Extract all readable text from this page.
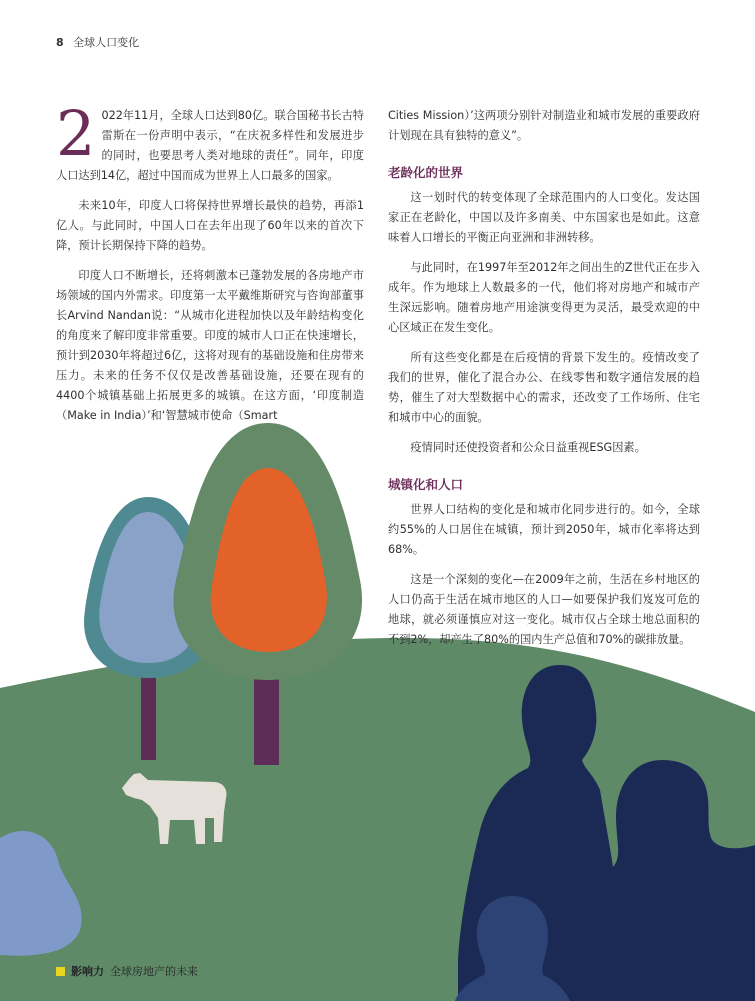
8 全球人口变化

2 022年11月，全球人口达到80亿。联合国秘书长古特雷斯在一份声明中表示，“在庆祝多样性和发展进步的同时，也要思考人类对地球的责任”。同年，印度人口达到14亿，超过中国而成为世界上人口最多的国家。

未来10年，印度人口将保持世界增长最快的趋势，再添1亿人。与此同时，中国人口在去年出现了60年以来的首次下降，预计长期保持下降的趋势。

印度人口不断增长，还将刺激本已蓬勃发展的各房地产市场领域的国内外需求。印度第一太平戴维斯研究与咨询部董事长Arvind Nandan说：“从城市化进程加快以及年龄结构变化的角度来了解印度非常重要。印度的城市人口正在快速增长，预计到2030年将超过6亿，这将对现有的基础设施和住房带来压力。未来的任务不仅仅是改善基础设施，还要在现有的4400个城镇基础上拓展更多的城镇。在这方面，‘印度制造（Make in India）’和‘智慧城市使命（Smart

Cities Mission）’这两项分别针对制造业和城市发展的重要政府计划现在具有独特的意义”。

老龄化的世界

这一划时代的转变体现了全球范围内的人口变化。发达国家正在老龄化，中国以及许多南美、中东国家也是如此。这意味着人口增长的平衡正向亚洲和非洲转移。

与此同时，在1997年至2012年之间出生的Z世代正在步入成年。作为地球上人数最多的一代，他们将对房地产和城市产生深远影响。随着房地产用途演变得更为灵活，最受欢迎的中心区域正在发生变化。

所有这些变化都是在后疫情的背景下发生的。疫情改变了我们的世界，催化了混合办公、在线零售和数字通信发展的趋势，催生了对大型数据中心的需求，还改变了工作场所、住宅和城市中心的面貌。

疫情同时还使投资者和公众日益重视ESG因素。

城镇化和人口

世界人口结构的变化是和城市化同步进行的。如今，全球约55%的人口居住在城镇，预计到2050年，城市化率将达到68%。

这是一个深刻的变化—在2009年之前，生活在乡村地区的人口仍高于生活在城市地区的人口—如要保护我们岌岌可危的地球，就必须谨慎应对这一变化。城市仅占全球土地总面积的不到2%，却产生了80%的国内生产总值和70%的碳排放量。

影响力 全球房地产的未来
